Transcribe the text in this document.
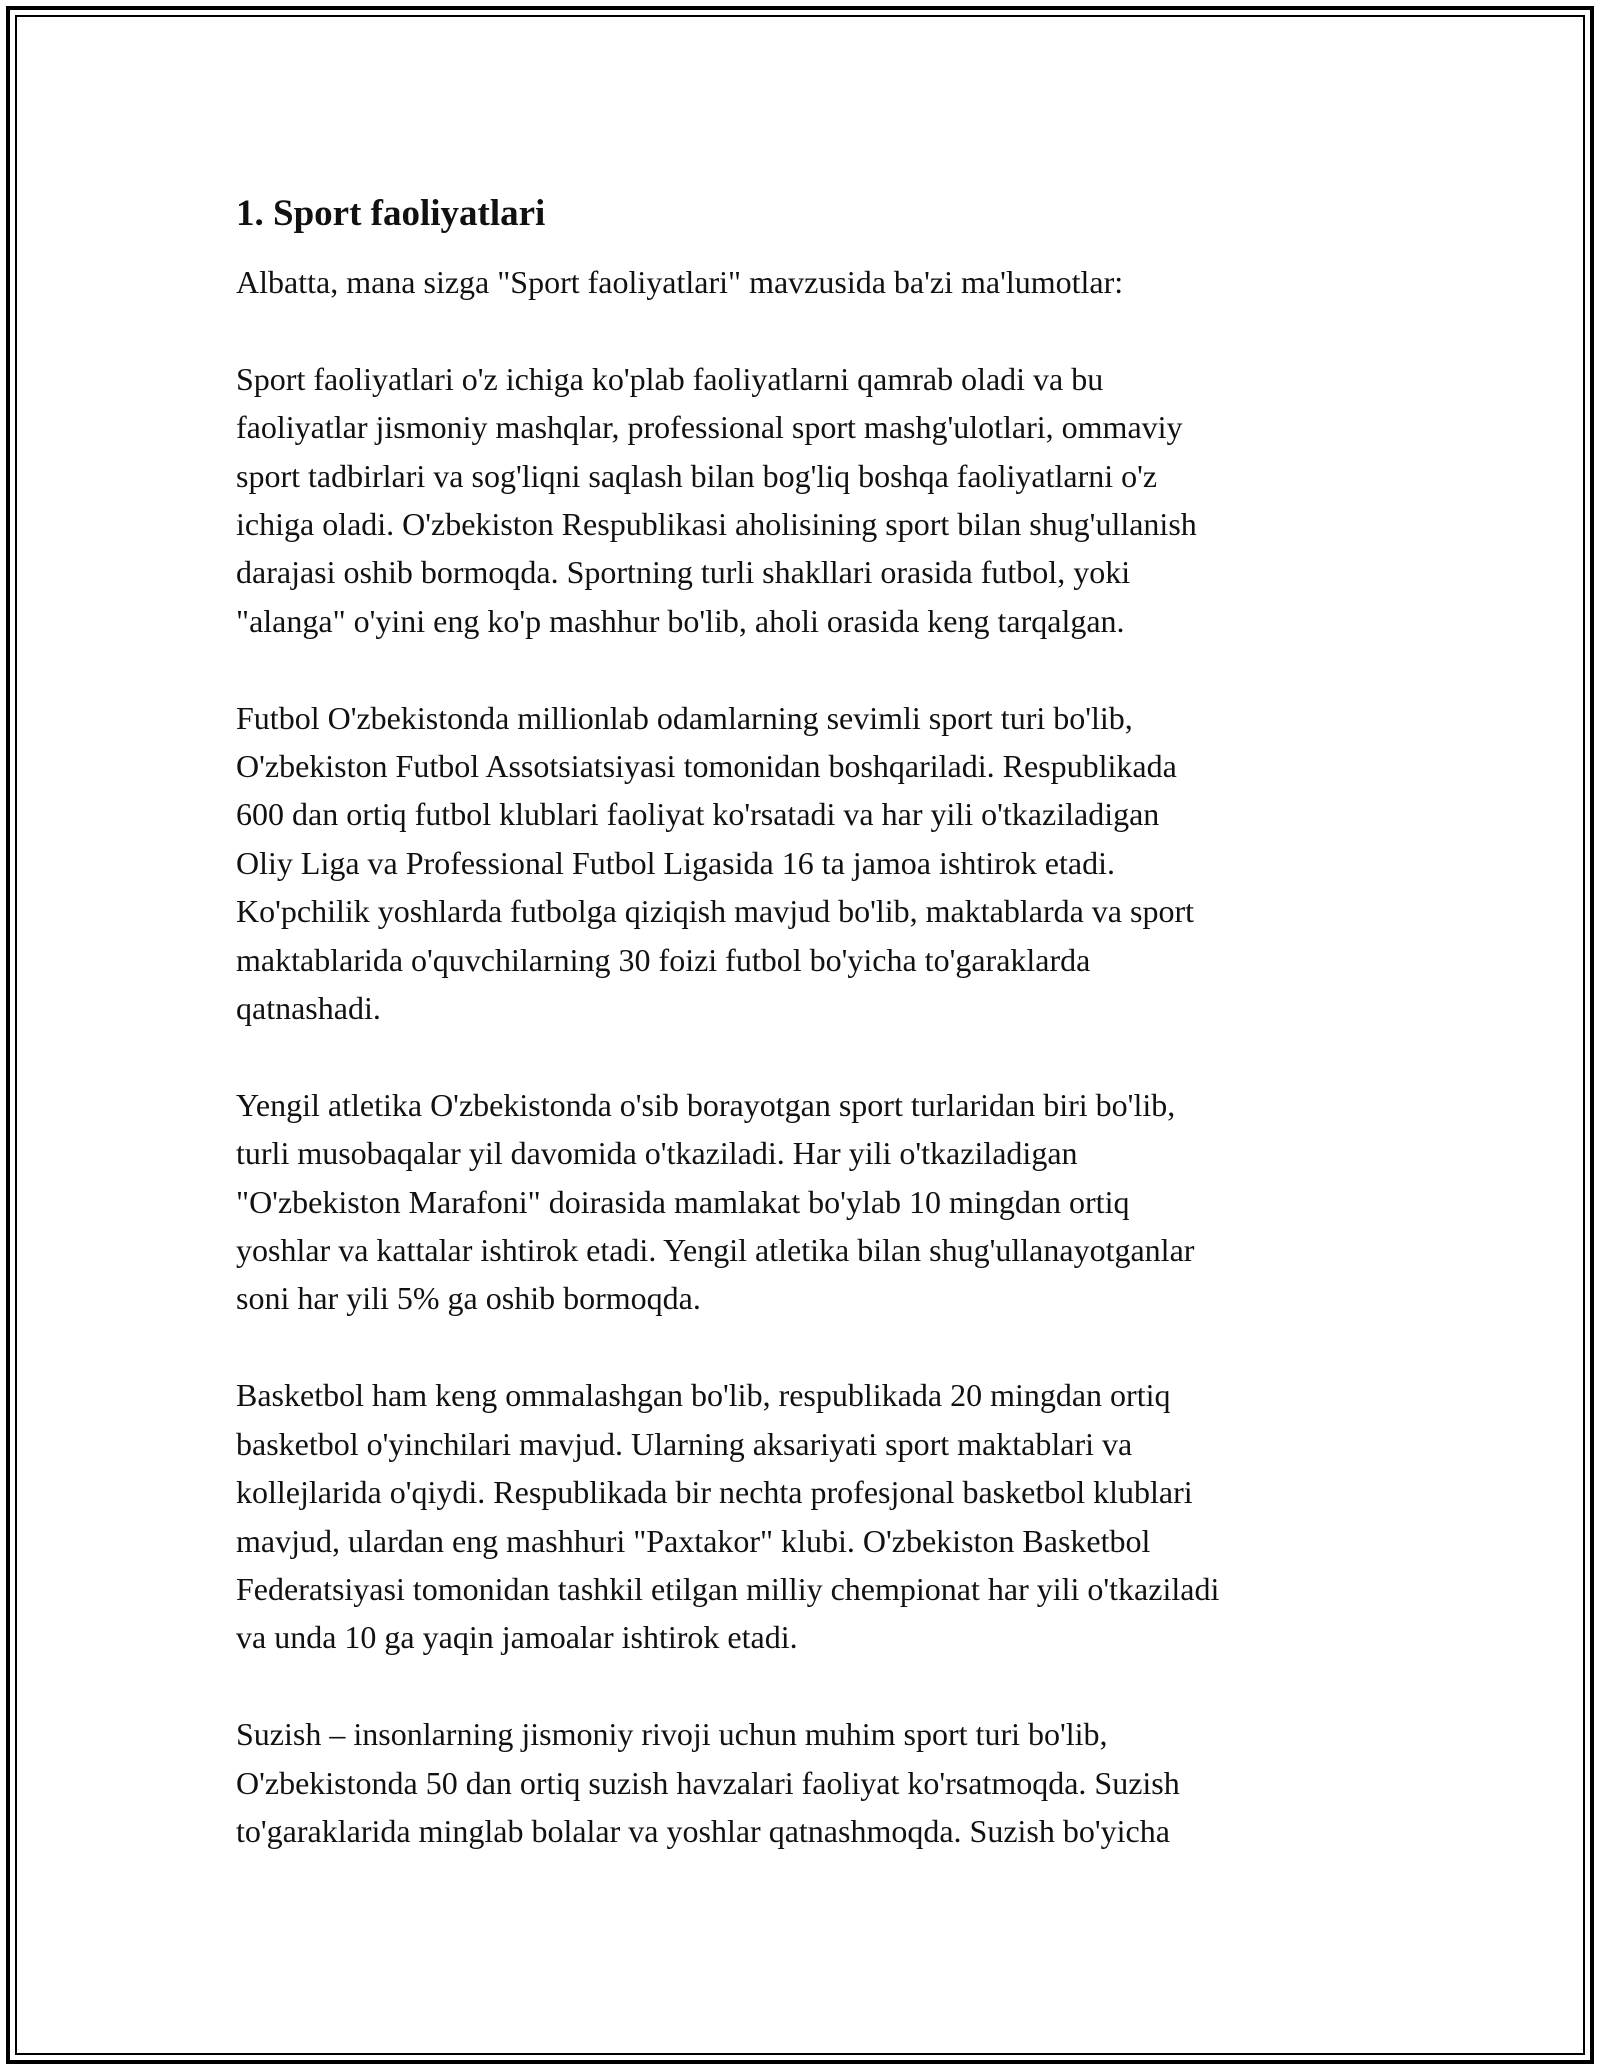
1. Sport faoliyatlari

Albatta, mana sizga "Sport faoliyatlari" mavzusida ba'zi ma'lumotlar:

Sport faoliyatlari o'z ichiga ko'plab faoliyatlarni qamrab oladi va bu
faoliyatlar jismoniy mashqlar, professional sport mashg'ulotlari, ommaviy
sport tadbirlari va sog'liqni saqlash bilan bog'liq boshqa faoliyatlarni o'z
ichiga oladi. O'zbekiston Respublikasi aholisining sport bilan shug'ullanish
darajasi oshib bormoqda. Sportning turli shakllari orasida futbol, yoki
"alanga" o'yini eng ko'p mashhur bo'lib, aholi orasida keng tarqalgan.

Futbol O'zbekistonda millionlab odamlarning sevimli sport turi bo'lib,
O'zbekiston Futbol Assotsiatsiyasi tomonidan boshqariladi. Respublikada
600 dan ortiq futbol klublari faoliyat ko'rsatadi va har yili o'tkaziladigan
Oliy Liga va Professional Futbol Ligasida 16 ta jamoa ishtirok etadi.
Ko'pchilik yoshlarda futbolga qiziqish mavjud bo'lib, maktablarda va sport
maktablarida o'quvchilarning 30 foizi futbol bo'yicha to'garaklarda
qatnashadi.

Yengil atletika O'zbekistonda o'sib borayotgan sport turlaridan biri bo'lib,
turli musobaqalar yil davomida o'tkaziladi. Har yili o'tkaziladigan
"O'zbekiston Marafoni" doirasida mamlakat bo'ylab 10 mingdan ortiq
yoshlar va kattalar ishtirok etadi. Yengil atletika bilan shug'ullanayotganlar
soni har yili 5% ga oshib bormoqda.

Basketbol ham keng ommalashgan bo'lib, respublikada 20 mingdan ortiq
basketbol o'yinchilari mavjud. Ularning aksariyati sport maktablari va
kollejlarida o'qiydi. Respublikada bir nechta profesjonal basketbol klublari
mavjud, ulardan eng mashhuri "Paxtakor" klubi. O'zbekiston Basketbol
Federatsiyasi tomonidan tashkil etilgan milliy chempionat har yili o'tkaziladi
va unda 10 ga yaqin jamoalar ishtirok etadi.

Suzish – insonlarning jismoniy rivoji uchun muhim sport turi bo'lib,
O'zbekistonda 50 dan ortiq suzish havzalari faoliyat ko'rsatmoqda. Suzish
to'garaklarida minglab bolalar va yoshlar qatnashmoqda. Suzish bo'yicha
